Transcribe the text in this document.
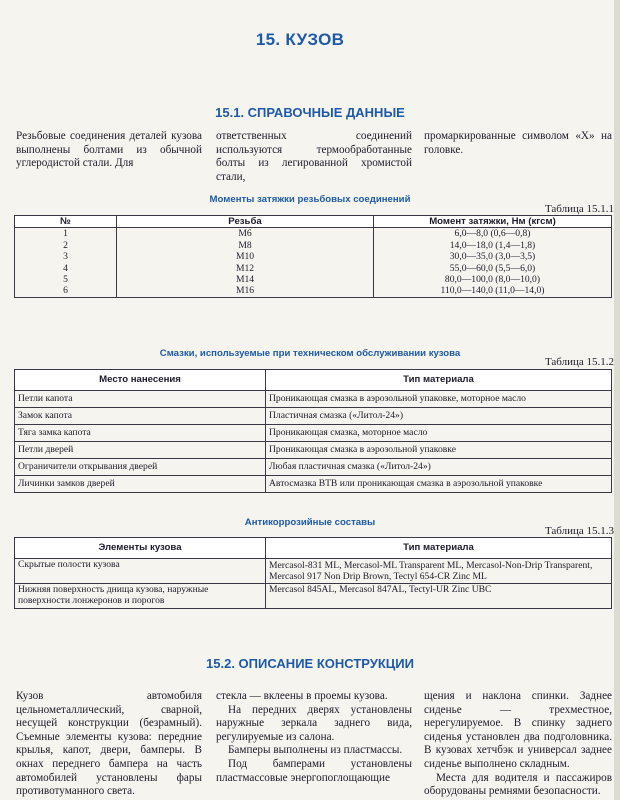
15. КУЗОВ
15.1. СПРАВОЧНЫЕ ДАННЫЕ
Резьбовые соединения деталей кузова выполнены болтами из обычной углеродистой стали. Для
ответственных соединений используются термообработанные болты из легированной хромистой стали,
промаркированные символом «X» на головке.
Моменты затяжки резьбовых соединений
Таблица 15.1.1
№	Резьба	Момент затяжки, Нм (кгсм)
1	М6	6,0—8,0 (0,6—0,8)
2	М8	14,0—18,0 (1,4—1,8)
3	М10	30,0—35,0 (3,0—3,5)
4	М12	55,0—60,0 (5,5—6,0)
5	М14	80,0—100,0 (8,0—10,0)
6	М16	110,0—140,0 (11,0—14,0)
Смазки, используемые при техническом обслуживании кузова
Таблица 15.1.2
Место нанесения	Тип материала
Петли капота	Проникающая смазка в аэрозольной упаковке, моторное масло
Замок капота	Пластичная смазка («Литол-24»)
Тяга замка капота	Проникающая смазка, моторное масло
Петли дверей	Проникающая смазка в аэрозольной упаковке
Ограничители открывания дверей	Любая пластичная смазка («Литол-24»)
Личинки замков дверей	Автосмазка ВТВ или проникающая смазка в аэрозольной упаковке
Антикоррозийные составы
Таблица 15.1.3
Элементы кузова	Тип материала
Скрытые полости кузова	Mercasol-831 ML, Mercasol-ML Transparent ML, Mercasol-Non-Drip Transparent, Mercasol 917 Non Drip Brown, Tectyl 654-CR Zinc ML
Нижняя поверхность днища кузова, наружные поверхности лонжеронов и порогов	Mercasol 845AL, Mercasol 847AL, Tectyl-UR Zinc UBC
15.2. ОПИСАНИЕ КОНСТРУКЦИИ
Кузов автомобиля цельнометаллический, сварной, несущей конструкции (безрамный). Съемные элементы кузова: передние крылья, капот, двери, бамперы. В окнах переднего бампера на часть автомобилей установлены фары противотуманного света.
стекла — вклеены в проемы кузова.
На передних дверях установлены наружные зеркала заднего вида, регулируемые из салона.
Бамперы выполнены из пластмассы.
Под бамперами установлены пластмассовые энергопоглощающие
щения и наклона спинки. Заднее сиденье — трехместное, нерегулируемое. В спинку заднего сиденья установлен два подголовника. В кузовах хетчбэк и универсал заднее сиденье выполнено складным.
Места для водителя и пассажиров оборудованы ремнями безопасности.
